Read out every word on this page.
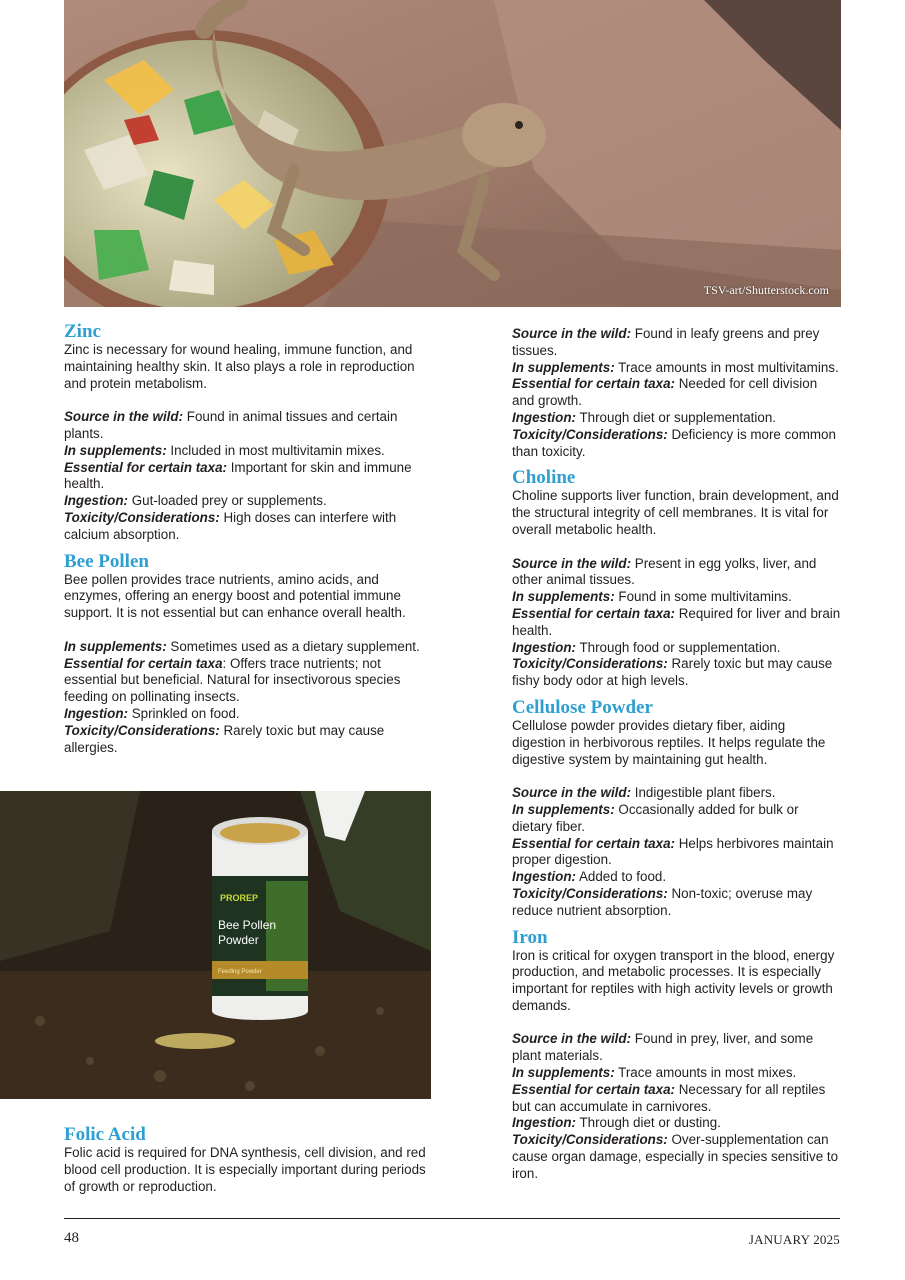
TSV-art/Shutterstock.com
Zinc

Zinc is necessary for wound healing, immune function, and maintaining healthy skin. It also plays a role in reproduction and protein metabolism.

Source in the wild: Found in animal tissues and certain plants.

In supplements: Included in most multivitamin mixes.

Essential for certain taxa: Important for skin and immune health.

Ingestion: Gut-loaded prey or supplements.

Toxicity/Considerations: High doses can interfere with calcium absorption.

Bee Pollen

Bee pollen provides trace nutrients, amino acids, and enzymes, offering an energy boost and potential immune support. It is not essential but can enhance overall health.

In supplements: Sometimes used as a dietary supplement.

Essential for certain taxa: Offers trace nutrients; not essential but beneficial. Natural for insectivorous species feeding on pollinating insects.

Ingestion: Sprinkled on food.

Toxicity/Considerations: Rarely toxic but may cause allergies.

PROREP
Bee Pollen
Powder
Feeding Powder
Folic Acid

Folic acid is required for DNA synthesis, cell division, and red blood cell production. It is especially important during periods of growth or reproduction.

Source in the wild: Found in leafy greens and prey tissues.

In supplements: Trace amounts in most multivitamins.

Essential for certain taxa: Needed for cell division and growth.

Ingestion: Through diet or supplementation.

Toxicity/Considerations: Deficiency is more common than toxicity.

Choline

Choline supports liver function, brain development, and the structural integrity of cell membranes. It is vital for overall metabolic health.

Source in the wild: Present in egg yolks, liver, and other animal tissues.

In supplements: Found in some multivitamins.

Essential for certain taxa: Required for liver and brain health.

Ingestion: Through food or supplementation.

Toxicity/Considerations: Rarely toxic but may cause fishy body odor at high levels.

Cellulose Powder

Cellulose powder provides dietary fiber, aiding digestion in herbivorous reptiles. It helps regulate the digestive system by maintaining gut health.

Source in the wild: Indigestible plant fibers.

In supplements: Occasionally added for bulk or dietary fiber.

Essential for certain taxa: Helps herbivores maintain proper digestion.

Ingestion: Added to food.

Toxicity/Considerations: Non-toxic; overuse may reduce nutrient absorption.

Iron

Iron is critical for oxygen transport in the blood, energy production, and metabolic processes. It is especially important for reptiles with high activity levels or growth demands.

Source in the wild: Found in prey, liver, and some plant materials.

In supplements: Trace amounts in most mixes.

Essential for certain taxa: Necessary for all reptiles but can accumulate in carnivores.

Ingestion: Through diet or dusting.

Toxicity/Considerations: Over-supplementation can cause organ damage, especially in species sensitive to iron.

48	JANUARY 2025
